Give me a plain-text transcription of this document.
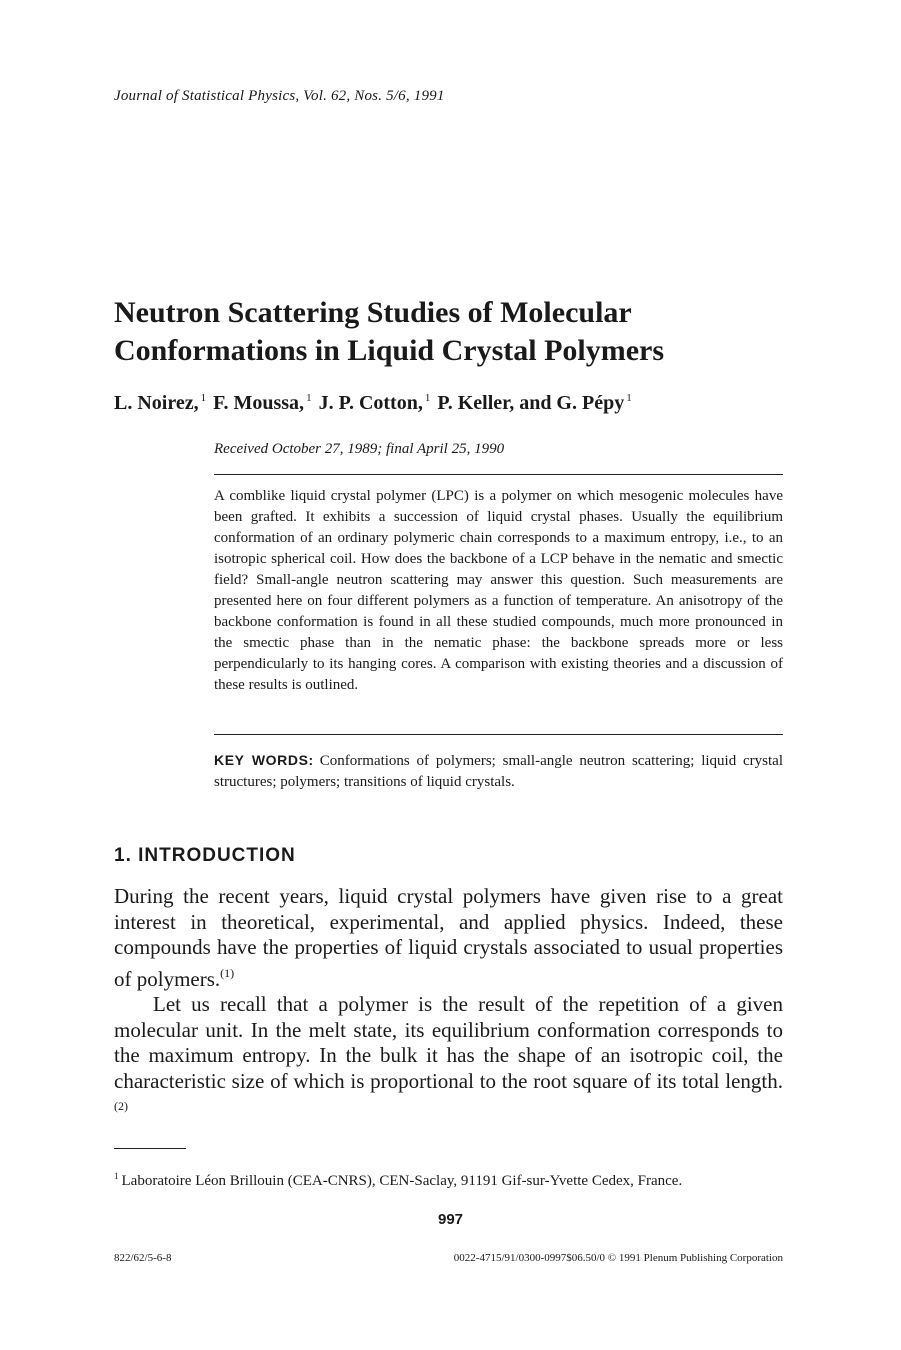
Journal of Statistical Physics, Vol. 62, Nos. 5/6, 1991
Neutron Scattering Studies of Molecular
Conformations in Liquid Crystal Polymers
L. Noirez, $^1$ F. Moussa, $^1$ J. P. Cotton, $^1$ P. Keller, and G. Pépy $^1$
Received October 27, 1989; final April 25, 1990
A comblike liquid crystal polymer (LPC) is a polymer on which mesogenic molecules have been grafted. It exhibits a succession of liquid crystal phases. Usually the equilibrium conformation of an ordinary polymeric chain corresponds to a maximum entropy, i.e., to an isotropic spherical coil. How does the backbone of a LCP behave in the nematic and smectic field? Small-angle neutron scattering may answer this question. Such measurements are presented here on four different polymers as a function of temperature. An anisotropy of the backbone conformation is found in all these studied compounds, much more pronounced in the smectic phase than in the nematic phase: the backbone spreads more or less perpendicularly to its hanging cores. A comparison with existing theories and a discussion of these results is outlined.
KEY WORDS: Conformations of polymers; small-angle neutron scattering; liquid crystal structures; polymers; transitions of liquid crystals.
1. INTRODUCTION

During the recent years, liquid crystal polymers have given rise to a great interest in theoretical, experimental, and applied physics. Indeed, these compounds have the properties of liquid crystals associated to usual properties of polymers.$^{(1)}$

Let us recall that a polymer is the result of the repetition of a given molecular unit. In the melt state, its equilibrium conformation corresponds to the maximum entropy. In the bulk it has the shape of an isotropic coil, the characteristic size of which is proportional to the root square of its total length.$^{(2)}$

$^1$ Laboratoire Léon Brillouin (CEA-CNRS), CEN-Saclay, 91191 Gif-sur-Yvette Cedex, France.
997
822/62/5-6-8	0022-4715/91/0300-0997$06.50/0 © 1991 Plenum Publishing Corporation
